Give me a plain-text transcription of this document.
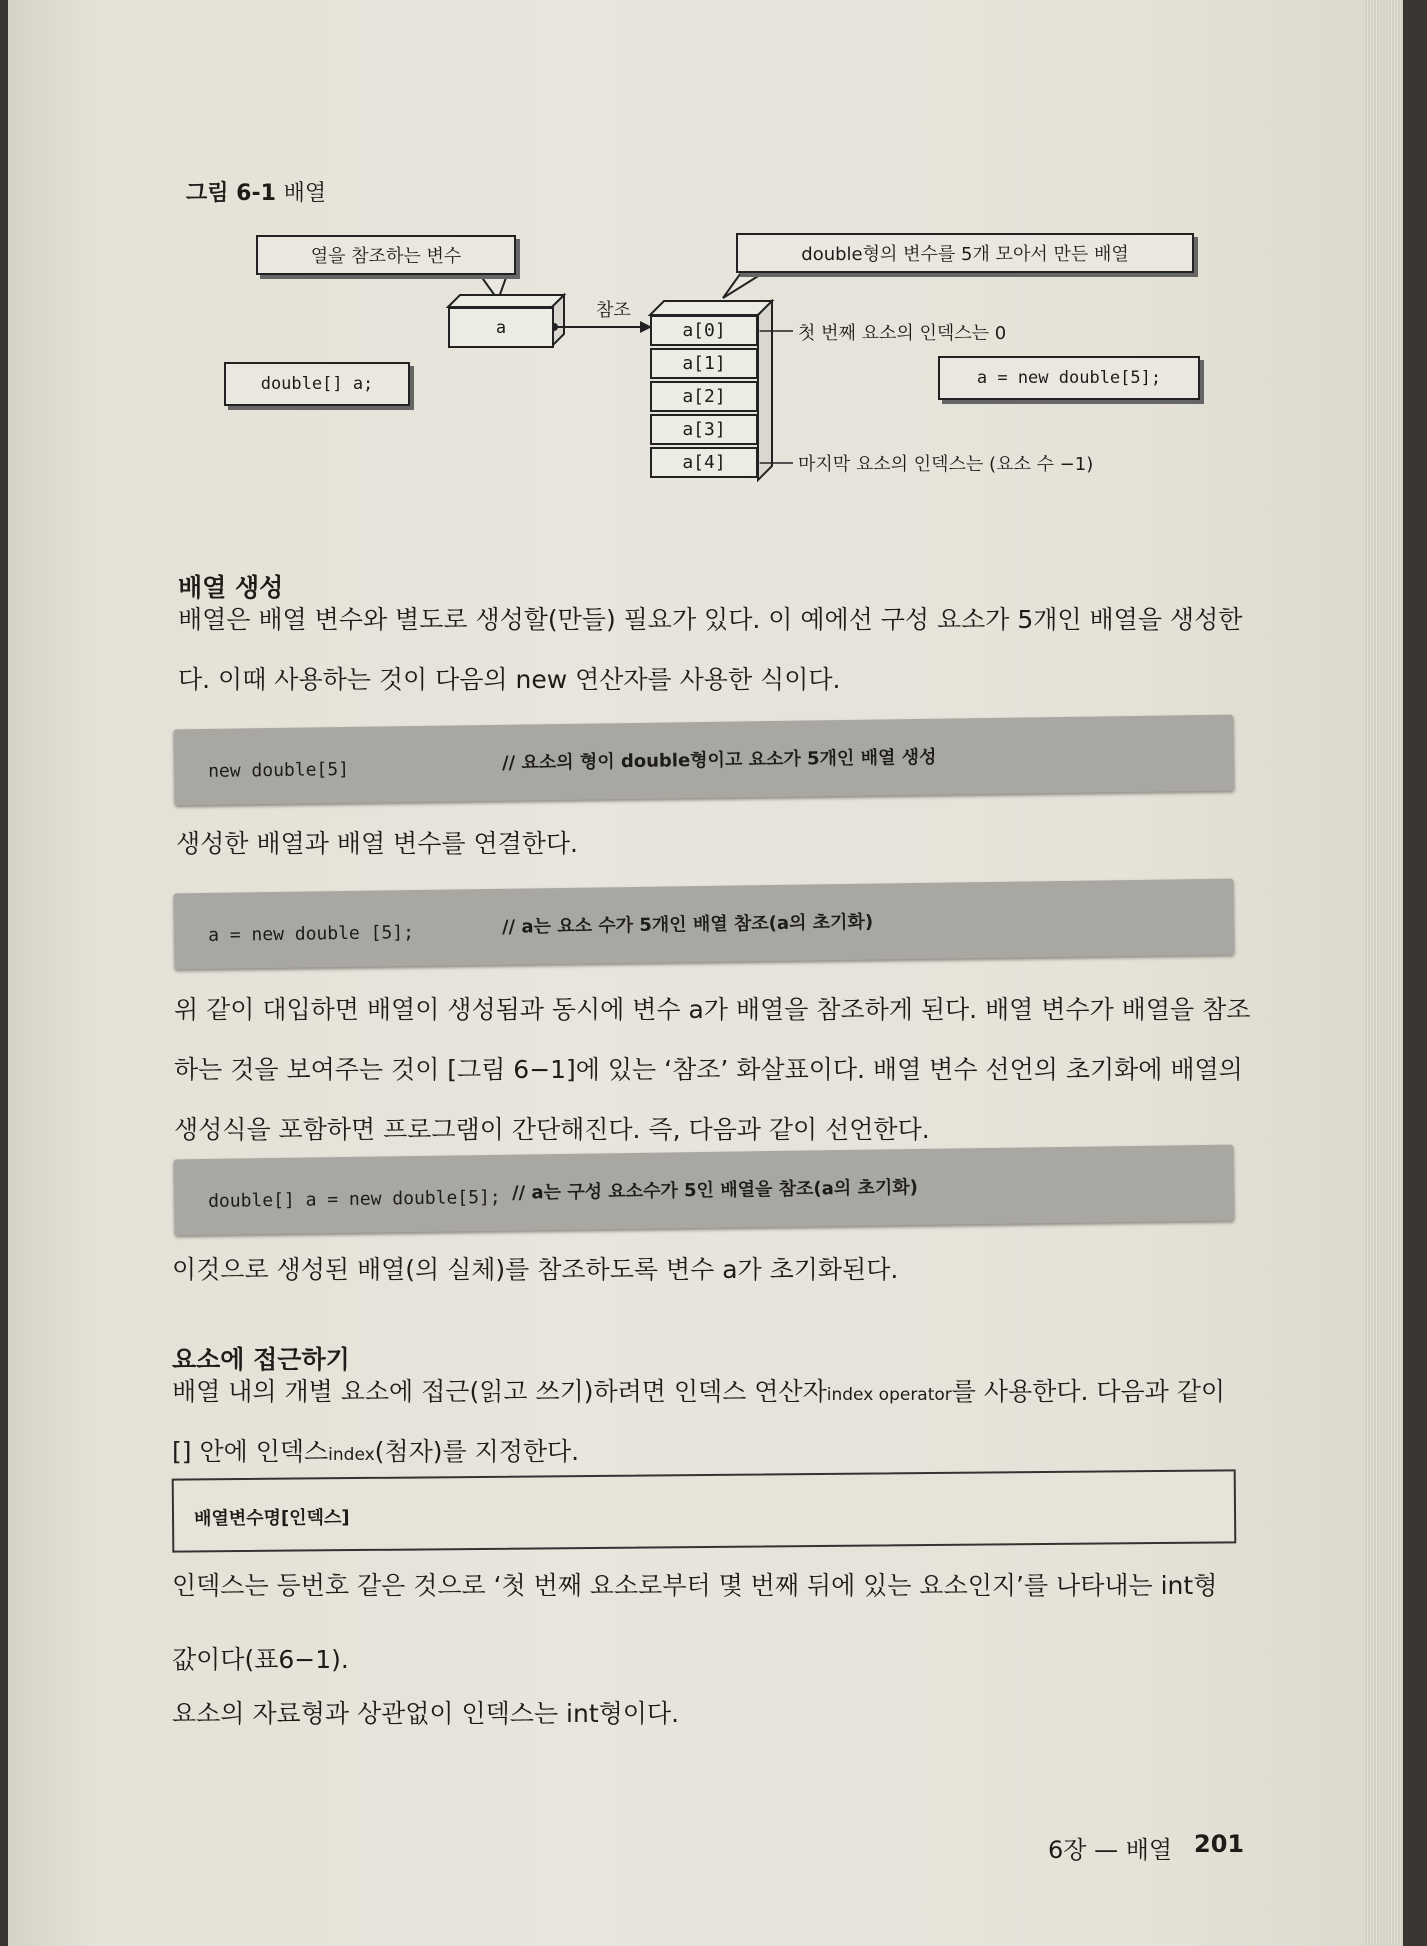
그림 6-1 배열
열을 참조하는 변수	double형의 변수를 5개 모아서 만든 배열
참조
a
double[] a;	a = new double[5];
a[0]
a[1]
a[2]
a[3]
a[4]
첫 번째 요소의 인덱스는 0
마지막 요소의 인덱스는 (요소 수 −1)
배열 생성
배열은 배열 변수와 별도로 생성할(만들) 필요가 있다. 이 예에선 구성 요소가 5개인 배열을 생성한
다. 이때 사용하는 것이 다음의 new 연산자를 사용한 식이다.
new double[5]	// 요소의 형이 double형이고 요소가 5개인 배열 생성
생성한 배열과 배열 변수를 연결한다.
a = new double [5];	// a는 요소 수가 5개인 배열 참조(a의 초기화)
위 같이 대입하면 배열이 생성됨과 동시에 변수 a가 배열을 참조하게 된다. 배열 변수가 배열을 참조
하는 것을 보여주는 것이 [그림 6−1]에 있는 ‘참조’ 화살표이다. 배열 변수 선언의 초기화에 배열의
생성식을 포함하면 프로그램이 간단해진다. 즉, 다음과 같이 선언한다.
double[] a = new double[5]; // a는 구성 요소수가 5인 배열을 참조(a의 초기화)
이것으로 생성된 배열(의 실체)를 참조하도록 변수 a가 초기화된다.
요소에 접근하기
배열 내의 개별 요소에 접근(읽고 쓰기)하려면 인덱스 연산자index operator를 사용한다. 다음과 같이
[] 안에 인덱스index(첨자)를 지정한다.
배열변수명[인덱스]
인덱스는 등번호 같은 것으로 ‘첫 번째 요소로부터 몇 번째 뒤에 있는 요소인지’를 나타내는 int형
값이다(표6−1).
요소의 자료형과 상관없이 인덱스는 int형이다.
6장 — 배열 201
